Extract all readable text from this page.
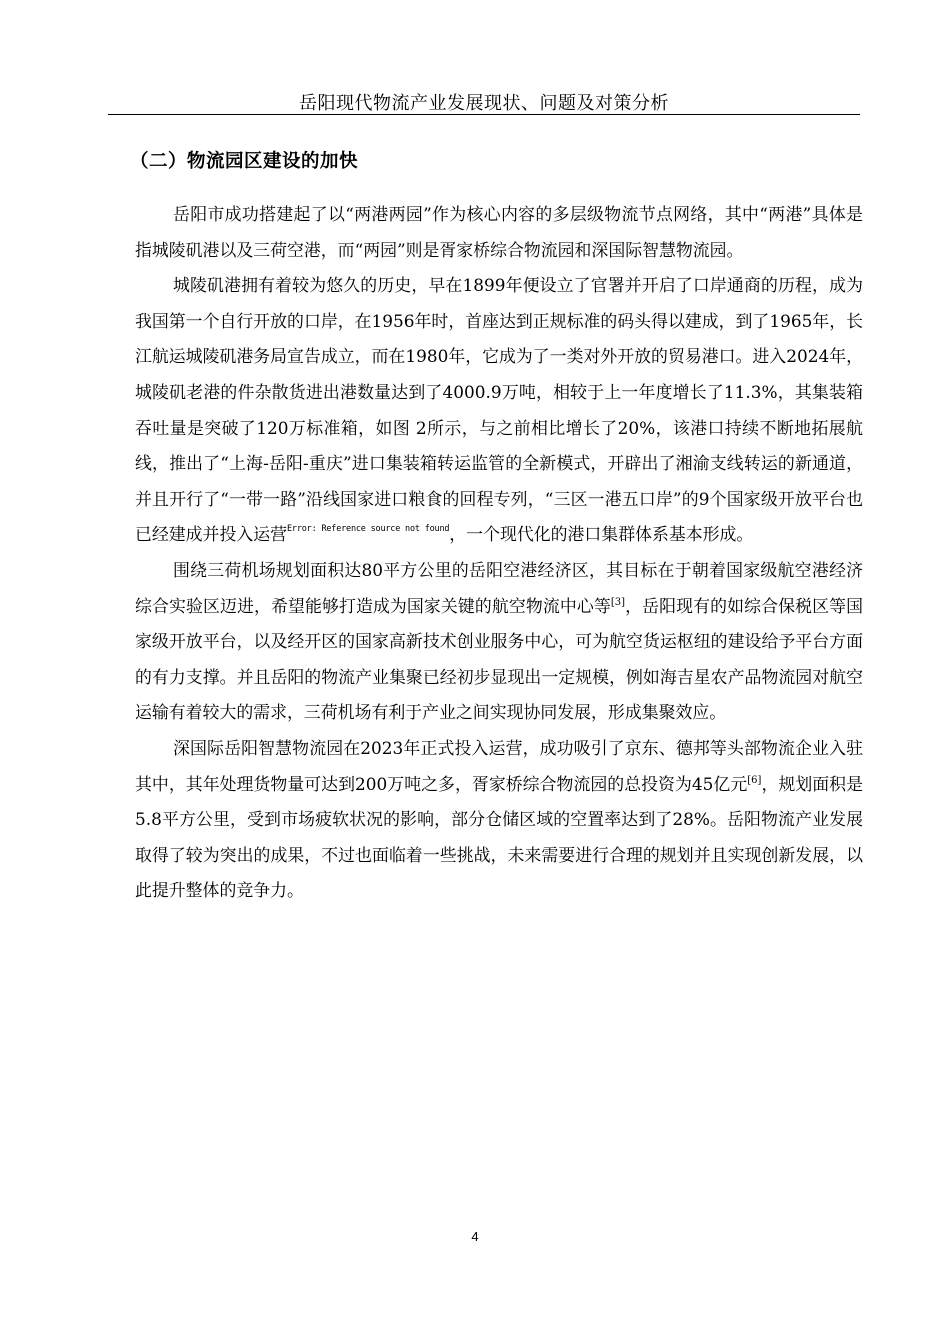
岳阳现代物流产业发展现状、问题及对策分析
（二）物流园区建设的加快

岳阳市成功搭建起了以“两港两园”作为核心内容的多层级物流节点网络，其中“两港”具体是指城陵矶港以及三荷空港，而“两园”则是胥家桥综合物流园和深国际智慧物流园。

城陵矶港拥有着较为悠久的历史，早在1899年便设立了官署并开启了口岸通商的历程，成为我国第一个自行开放的口岸，在1956年时，首座达到正规标准的码头得以建成，到了1965年，长江航运城陵矶港务局宣告成立，而在1980年，它成为了一类对外开放的贸易港口。进入2024年，城陵矶老港的件杂散货进出港数量达到了4000.9万吨，相较于上一年度增长了11.3%，其集装箱吞吐量是突破了120万标准箱，如图 2所示，与之前相比增长了20%，该港口持续不断地拓展航线，推出了“上海-岳阳-重庆”进口集装箱转运监管的全新模式，开辟出了湘渝支线转运的新通道，并且开行了“一带一路”沿线国家进口粮食的回程专列，“三区一港五口岸”的9个国家级开放平台也已经建成并投入运营$^{Error: Reference source not found}$，一个现代化的港口集群体系基本形成。

围绕三荷机场规划面积达80平方公里的岳阳空港经济区，其目标在于朝着国家级航空港经济综合实验区迈进，希望能够打造成为国家关键的航空物流中心等[3]，岳阳现有的如综合保税区等国家级开放平台，以及经开区的国家高新技术创业服务中心，可为航空货运枢纽的建设给予平台方面的有力支撑。并且岳阳的物流产业集聚已经初步显现出一定规模，例如海吉星农产品物流园对航空运输有着较大的需求，三荷机场有利于产业之间实现协同发展，形成集聚效应。

深国际岳阳智慧物流园在2023年正式投入运营，成功吸引了京东、德邦等头部物流企业入驻其中，其年处理货物量可达到200万吨之多，胥家桥综合物流园的总投资为45亿元[6]，规划面积是5.8平方公里，受到市场疲软状况的影响，部分仓储区域的空置率达到了28%。岳阳物流产业发展取得了较为突出的成果，不过也面临着一些挑战，未来需要进行合理的规划并且实现创新发展，以此提升整体的竞争力。

4
